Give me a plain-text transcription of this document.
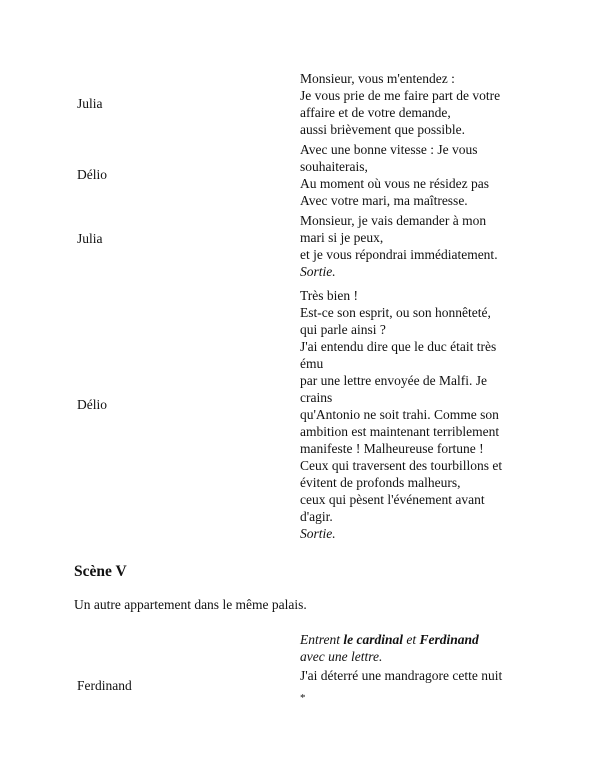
Julia
Monsieur, vous m'entendez :
Je vous prie de me faire part de votre
affaire et de votre demande,
aussi brièvement que possible.
Délio
Avec une bonne vitesse : Je vous
souhaiterais,
Au moment où vous ne résidez pas
Avec votre mari, ma maîtresse.
Julia
Monsieur, je vais demander à mon
mari si je peux,
et je vous répondrai immédiatement.
Sortie.
Délio
Très bien !
Est-ce son esprit, ou son honnêteté,
qui parle ainsi ?
J'ai entendu dire que le duc était très
ému
par une lettre envoyée de Malfi. Je
crains
qu'Antonio ne soit trahi. Comme son
ambition est maintenant terriblement
manifeste ! Malheureuse fortune !
Ceux qui traversent des tourbillons et
évitent de profonds malheurs,
ceux qui pèsent l'événement avant
d'agir.
Sortie.
Scène V
Un autre appartement dans le même palais.
Entrent le cardinal et Ferdinand
avec une lettre.
Ferdinand
J'ai déterré une mandragore cette nuit
*
